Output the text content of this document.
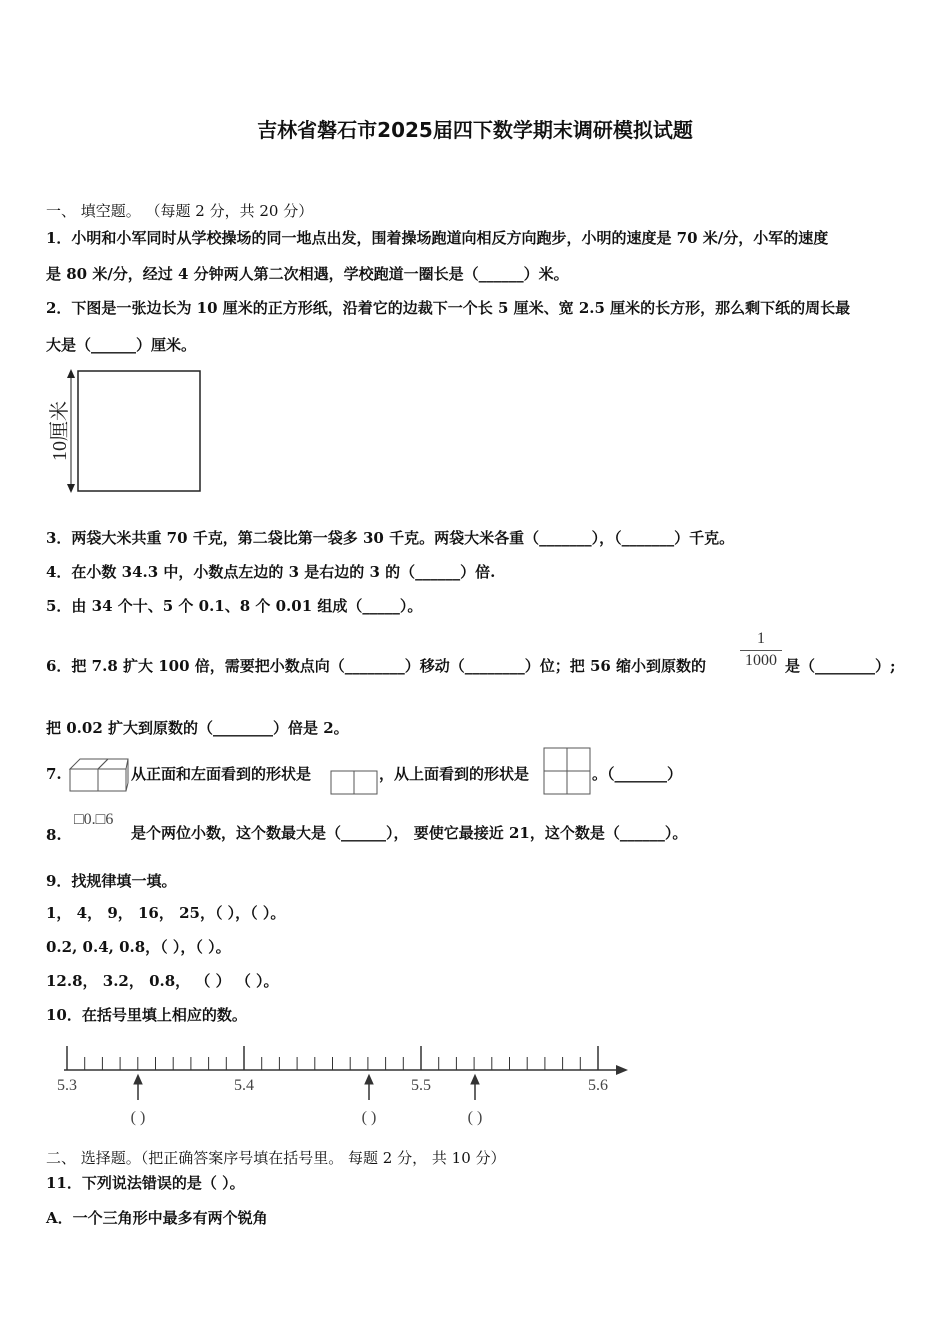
吉林省磐石市2025届四下数学期末调研模拟试题
一、 填空题。 （每题 2 分，共 20 分）
1．小明和小军同时从学校操场的同一地点出发，围着操场跑道向相反方向跑步，小明的速度是 70 米/分，小军的速度
是 80 米/分，经过 4 分钟两人第二次相遇，学校跑道一圈长是（______）米。
2．下图是一张边长为 10 厘米的正方形纸，沿着它的边裁下一个长 5 厘米、宽 2.5 厘米的长方形，那么剩下纸的周长最
大是（______）厘米。
10厘米
3．两袋大米共重 70 千克，第二袋比第一袋多 30 千克。两袋大米各重（_______），（_______）千克。
4．在小数 34.3 中，小数点左边的 3 是右边的 3 的（______）倍.
5．由 34 个十、5 个 0.1、8 个 0.01 组成（_____）。
6．把 7.8 扩大 100 倍，需要把小数点向（________）移动（________）位；把 56 缩小到原数的 $\frac{1}{1000}$ 是（________）;
把 0.02 扩大到原数的（________）倍是 2。
7.	从正面和左面看到的形状是	，从上面看到的形状是	。（_______）
8.
□0.□6
是个两位小数，这个数最大是（______）， 要使它最接近 21，这个数是（______）。
9．找规律填一填。
1， 4， 9， 16， 25，（ ），（ ）。
0.2, 0.4, 0.8，（ ），（ ）。
12.8， 3.2， 0.8， （ ） （ ）。
10．在括号里填上相应的数。
5.3	5.4	5.5	5.6
( )	( )	( )
二、 选择题。（把正确答案序号填在括号里。 每题 2 分， 共 10 分）
11．下列说法错误的是（ ）。
A．一个三角形中最多有两个锐角
